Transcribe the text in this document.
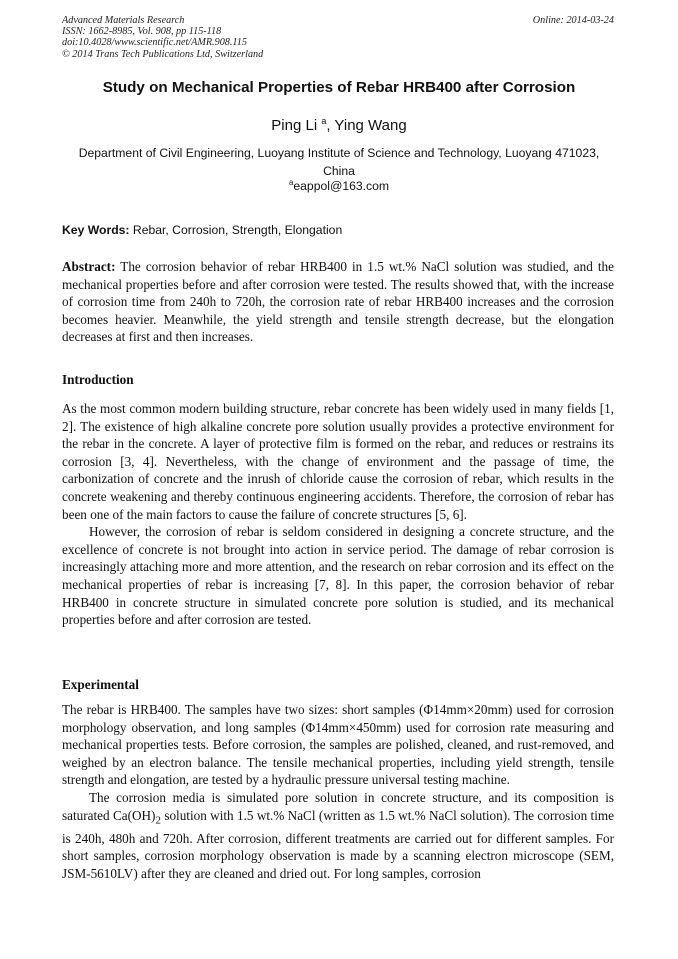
Advanced Materials Research
ISSN: 1662-8985, Vol. 908, pp 115-118
doi:10.4028/www.scientific.net/AMR.908.115
© 2014 Trans Tech Publications Ltd, Switzerland
Online: 2014-03-24
Study on Mechanical Properties of Rebar HRB400 after Corrosion
Ping Li $^a$, Ying Wang
Department of Civil Engineering, Luoyang Institute of Science and Technology, Luoyang 471023, China
$^a$eappol@163.com
Key Words: Rebar, Corrosion, Strength, Elongation

Abstract: The corrosion behavior of rebar HRB400 in 1.5 wt.% NaCl solution was studied, and the mechanical properties before and after corrosion were tested. The results showed that, with the increase of corrosion time from 240h to 720h, the corrosion rate of rebar HRB400 increases and the corrosion becomes heavier. Meanwhile, the yield strength and tensile strength decrease, but the elongation decreases at first and then increases.

Introduction

As the most common modern building structure, rebar concrete has been widely used in many fields [1, 2]. The existence of high alkaline concrete pore solution usually provides a protective environment for the rebar in the concrete. A layer of protective film is formed on the rebar, and reduces or restrains its corrosion [3, 4]. Nevertheless, with the change of environment and the passage of time, the carbonization of concrete and the inrush of chloride cause the corrosion of rebar, which results in the concrete weakening and thereby continuous engineering accidents. Therefore, the corrosion of rebar has been one of the main factors to cause the failure of concrete structures [5, 6].

However, the corrosion of rebar is seldom considered in designing a concrete structure, and the excellence of concrete is not brought into action in service period. The damage of rebar corrosion is increasingly attaching more and more attention, and the research on rebar corrosion and its effect on the mechanical properties of rebar is increasing [7, 8]. In this paper, the corrosion behavior of rebar HRB400 in concrete structure in simulated concrete pore solution is studied, and its mechanical properties before and after corrosion are tested.

Experimental

The rebar is HRB400. The samples have two sizes: short samples (Φ14mm×20mm) used for corrosion morphology observation, and long samples (Φ14mm×450mm) used for corrosion rate measuring and mechanical properties tests. Before corrosion, the samples are polished, cleaned, and rust-removed, and weighed by an electron balance. The tensile mechanical properties, including yield strength, tensile strength and elongation, are tested by a hydraulic pressure universal testing machine.

The corrosion media is simulated pore solution in concrete structure, and its composition is saturated $Ca(OH)_2$ solution with 1.5 wt.% NaCl (written as 1.5 wt.% NaCl solution). The corrosion time is 240h, 480h and 720h. After corrosion, different treatments are carried out for different samples. For short samples, corrosion morphology observation is made by a scanning electron microscope (SEM, JSM-5610LV) after they are cleaned and dried out. For long samples, corrosion
